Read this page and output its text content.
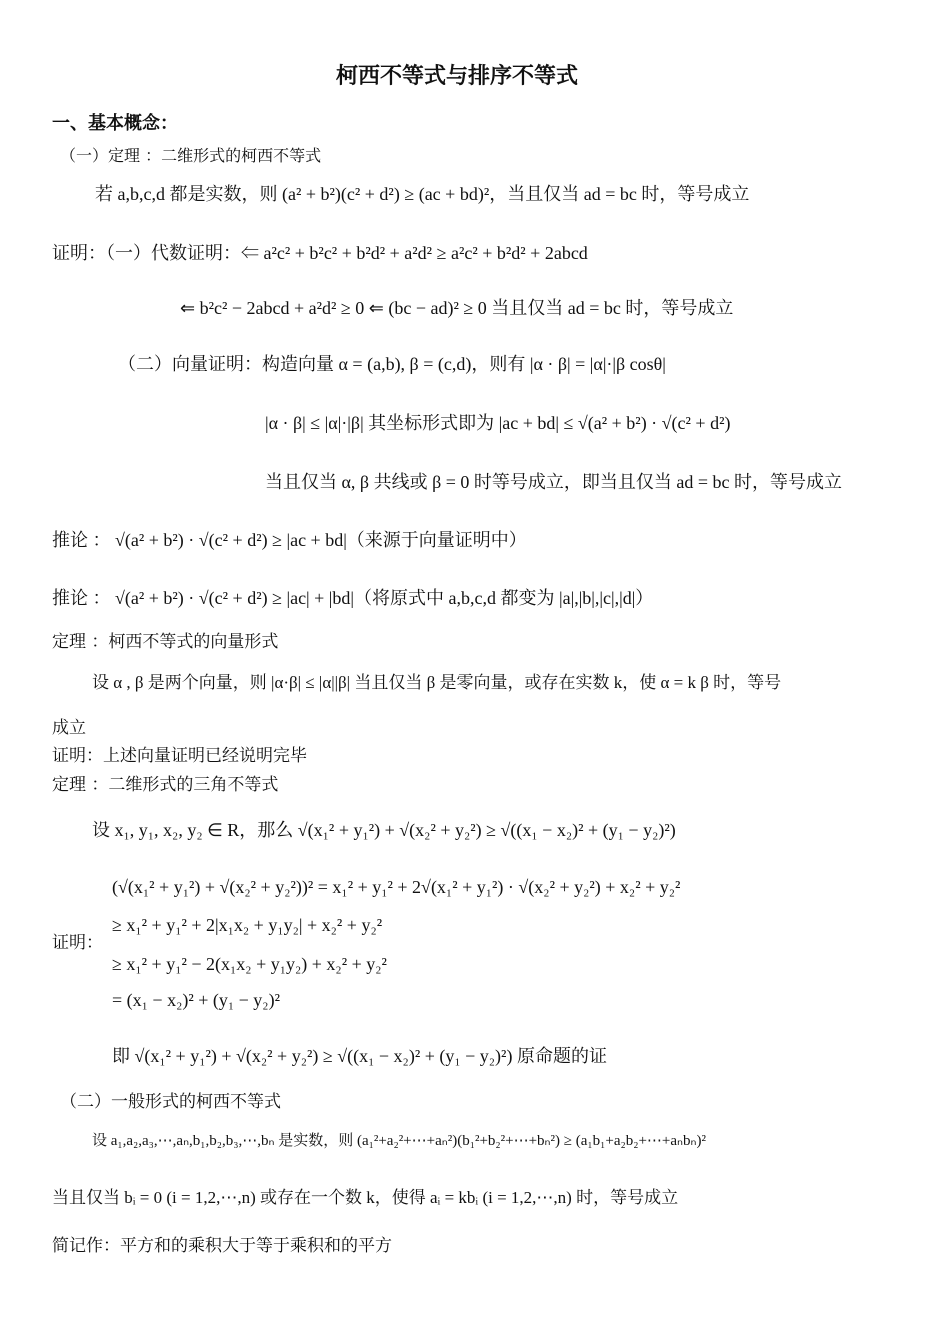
柯西不等式与排序不等式
一、基本概念：
（一）定理 ：二维形式的柯西不等式
若 a,b,c,d 都是实数，则 (a² + b²)(c² + d²) ≥ (ac + bd)²，当且仅当 ad = bc 时，等号成立
证明：（一）代数证明：⇐ a²c² + b²c² + b²d² + a²d² ≥ a²c² + b²d² + 2abcd
⇐ b²c² − 2abcd + a²d² ≥ 0 ⇐ (bc − ad)² ≥ 0 当且仅当 ad = bc 时，等号成立
（二）向量证明：构造向量 α = (a,b), β = (c,d)，则有 |α · β| = |α|·|β cosθ|
|α · β| ≤ |α|·|β| 其坐标形式即为 |ac + bd| ≤ √(a² + b²) · √(c² + d²)
当且仅当 α, β 共线或 β = 0 时等号成立，即当且仅当 ad = bc 时，等号成立
推论 ： √(a² + b²) · √(c² + d²) ≥ |ac + bd|（来源于向量证明中）
推论 ： √(a² + b²) · √(c² + d²) ≥ |ac| + |bd|（将原式中 a,b,c,d 都变为 |a|,|b|,|c|,|d|）
定理 ：柯西不等式的向量形式
设 α , β 是两个向量，则 |α·β| ≤ |α||β| 当且仅当 β 是零向量，或存在实数 k，使 α = k β 时，等号
成立
证明：上述向量证明已经说明完毕
定理 ：二维形式的三角不等式
设 x₁, y₁, x₂, y₂ ∈ R，那么 √(x₁² + y₁²) + √(x₂² + y₂²) ≥ √((x₁ − x₂)² + (y₁ − y₂)²)
(√(x₁² + y₁²) + √(x₂² + y₂²))² = x₁² + y₁² + 2√(x₁² + y₁²) · √(x₂² + y₂²) + x₂² + y₂²
≥ x₁² + y₁² + 2|x₁x₂ + y₁y₂| + x₂² + y₂²
证明：
≥ x₁² + y₁² − 2(x₁x₂ + y₁y₂) + x₂² + y₂²
= (x₁ − x₂)² + (y₁ − y₂)²
即 √(x₁² + y₁²) + √(x₂² + y₂²) ≥ √((x₁ − x₂)² + (y₁ − y₂)²) 原命题的证
（二）一般形式的柯西不等式
设 a₁,a₂,a₃,⋯,aₙ,b₁,b₂,b₃,⋯,bₙ 是实数，则 (a₁²+a₂²+⋯+aₙ²)(b₁²+b₂²+⋯+bₙ²) ≥ (a₁b₁+a₂b₂+⋯+aₙbₙ)²
当且仅当 bᵢ = 0 (i = 1,2,⋯,n) 或存在一个数 k，使得 aᵢ = kbᵢ (i = 1,2,⋯,n) 时，等号成立
简记作：平方和的乘积大于等于乘积和的平方
